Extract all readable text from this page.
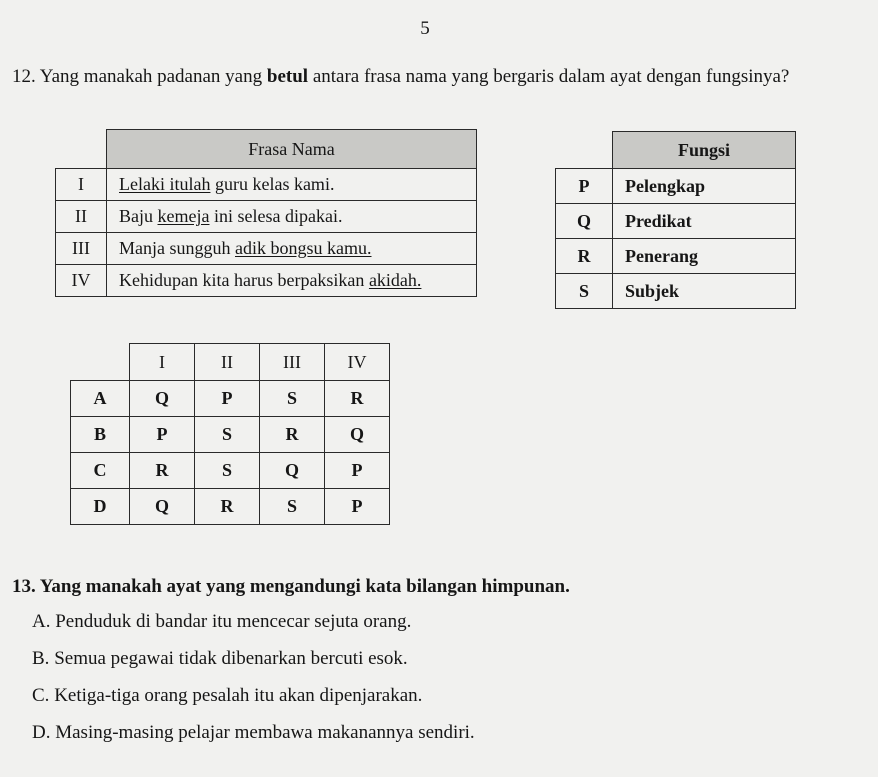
5
12. Yang manakah padanan yang betul antara frasa nama yang bergaris dalam ayat dengan fungsinya?
	Frasa Nama
I	Lelaki itulah guru kelas kami.
II	Baju kemeja ini selesa dipakai.
III	Manja sungguh adik bongsu kamu.
IV	Kehidupan kita harus berpaksikan akidah.
	Fungsi
P	Pelengkap
Q	Predikat
R	Penerang
S	Subjek
	I	II	III	IV
A	Q	P	S	R
B	P	S	R	Q
C	R	S	Q	P
D	Q	R	S	P
13. Yang manakah ayat yang mengandungi kata bilangan himpunan.
A. Penduduk di bandar itu mencecar sejuta orang.
B. Semua pegawai tidak dibenarkan bercuti esok.
C. Ketiga-tiga orang pesalah itu akan dipenjarakan.
D. Masing-masing pelajar membawa makanannya sendiri.
